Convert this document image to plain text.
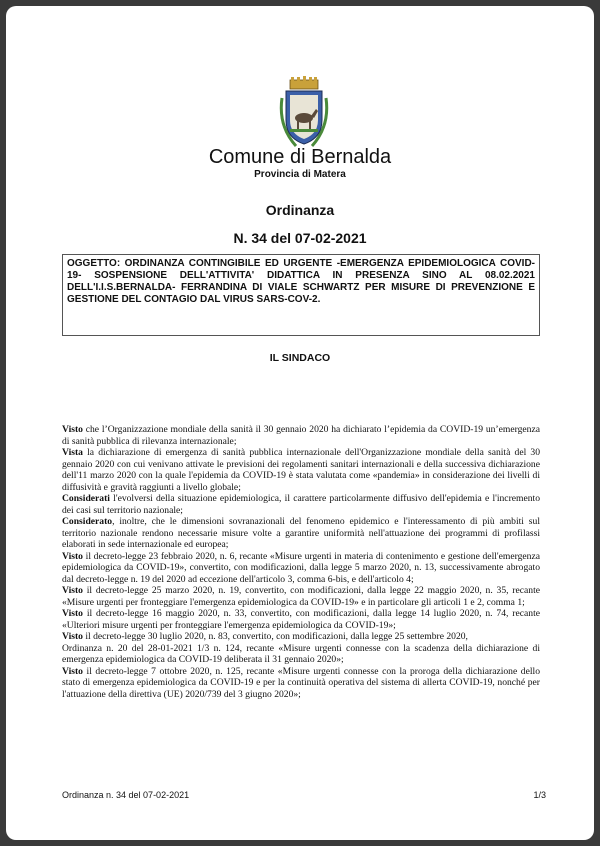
Comune di Bernalda
Provincia di Matera
Ordinanza
N. 34 del 07-02-2021
OGGETTO: ORDINANZA CONTINGIBILE ED URGENTE -EMERGENZA EPIDEMIOLOGICA COVID-19- SOSPENSIONE DELL'ATTIVITA' DIDATTICA IN PRESENZA SINO AL 08.02.2021 DELL'I.I.S.BERNALDA- FERRANDINA DI VIALE SCHWARTZ PER MISURE DI PREVENZIONE E GESTIONE DEL CONTAGIO DAL VIRUS SARS-COV-2.
IL SINDACO

Visto che l’Organizzazione mondiale della sanità il 30 gennaio 2020 ha dichiarato l’epidemia da COVID-19 un’emergenza di sanità pubblica di rilevanza internazionale;

Vista la dichiarazione di emergenza di sanità pubblica internazionale dell'Organizzazione mondiale della sanità del 30 gennaio 2020 con cui venivano attivate le previsioni dei regolamenti sanitari internazionali e della successiva dichiarazione dell'11 marzo 2020 con la quale l'epidemia da COVID-19 è stata valutata come «pandemia» in considerazione dei livelli di diffusività e gravità raggiunti a livello globale;

Considerati l'evolversi della situazione epidemiologica, il carattere particolarmente diffusivo dell'epidemia e l'incremento dei casi sul territorio nazionale;

Considerato, inoltre, che le dimensioni sovranazionali del fenomeno epidemico e l'interessamento di più ambiti sul territorio nazionale rendono necessarie misure volte a garantire uniformità nell'attuazione dei programmi di profilassi elaborati in sede internazionale ed europea;

Visto il decreto-legge 23 febbraio 2020, n. 6, recante «Misure urgenti in materia di contenimento e gestione dell'emergenza epidemiologica da COVID-19», convertito, con modificazioni, dalla legge 5 marzo 2020, n. 13, successivamente abrogato dal decreto-legge n. 19 del 2020 ad eccezione dell'articolo 3, comma 6-bis, e dell'articolo 4;

Visto il decreto-legge 25 marzo 2020, n. 19, convertito, con modificazioni, dalla legge 22 maggio 2020, n. 35, recante «Misure urgenti per fronteggiare l'emergenza epidemiologica da COVID-19» e in particolare gli articoli 1 e 2, comma 1;

Visto il decreto-legge 16 maggio 2020, n. 33, convertito, con modificazioni, dalla legge 14 luglio 2020, n. 74, recante «Ulteriori misure urgenti per fronteggiare l'emergenza epidemiologica da COVID-19»;

Visto il decreto-legge 30 luglio 2020, n. 83, convertito, con modificazioni, dalla legge 25 settembre 2020,

Ordinanza n. 20 del 28-01-2021 1/3 n. 124, recante «Misure urgenti connesse con la scadenza della dichiarazione di emergenza epidemiologica da COVID-19 deliberata il 31 gennaio 2020»;

Visto il decreto-legge 7 ottobre 2020, n. 125, recante «Misure urgenti connesse con la proroga della dichiarazione dello stato di emergenza epidemiologica da COVID-19 e per la continuità operativa del sistema di allerta COVID-19, nonché per l'attuazione della direttiva (UE) 2020/739 del 3 giugno 2020»;

Ordinanza n. 34 del 07-02-2021	1/3
